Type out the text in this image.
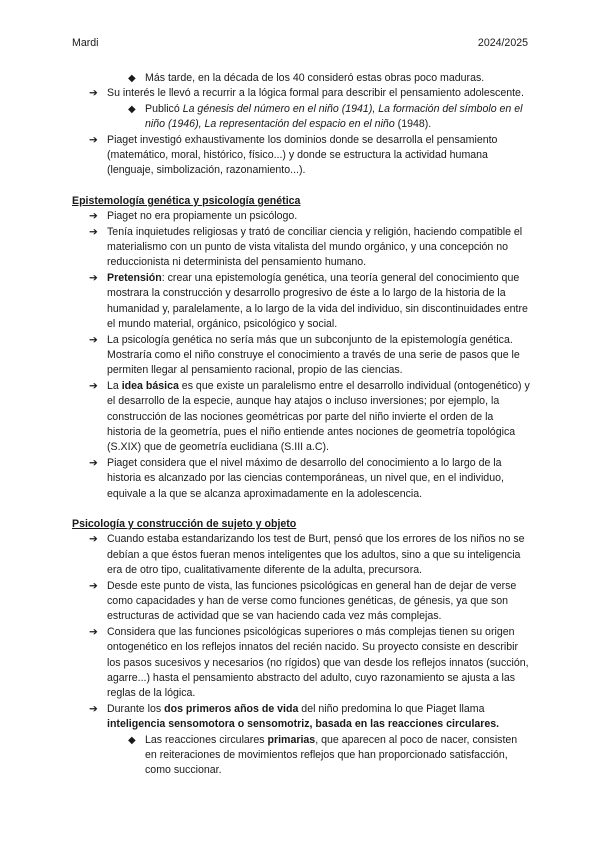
Mardi	2024/2025
◆ Más tarde, en la década de los 40 consideró estas obras poco maduras.
➔ Su interés le llevó a recurrir a la lógica formal para describir el pensamiento adolescente.
◆ Publicó La génesis del número en el niño (1941), La formación del símbolo en el niño (1946), La representación del espacio en el niño (1948).
➔ Piaget investigó exhaustivamente los dominios donde se desarrolla el pensamiento (matemático, moral, histórico, físico...) y donde se estructura la actividad humana (lenguaje, simbolización, razonamiento...).
Epistemología genética y psicología genética
➔ Piaget no era propiamente un psicólogo.
➔ Tenía inquietudes religiosas y trató de conciliar ciencia y religión, haciendo compatible el materialismo con un punto de vista vitalista del mundo orgánico, y una concepción no reduccionista ni determinista del pensamiento humano.
➔ Pretensión: crear una epistemología genética, una teoría general del conocimiento que mostrara la construcción y desarrollo progresivo de éste a lo largo de la historia de la humanidad y, paralelamente, a lo largo de la vida del individuo, sin discontinuidades entre el mundo material, orgánico, psicológico y social.
➔ La psicología genética no sería más que un subconjunto de la epistemología genética. Mostraría como el niño construye el conocimiento a través de una serie de pasos que le permiten llegar al pensamiento racional, propio de las ciencias.
➔ La idea básica es que existe un paralelismo entre el desarrollo individual (ontogenético) y el desarrollo de la especie, aunque hay atajos o incluso inversiones; por ejemplo, la construcción de las nociones geométricas por parte del niño invierte el orden de la historia de la geometría, pues el niño entiende antes nociones de geometría topológica (S.XIX) que de geometría euclidiana (S.III a.C).
➔ Piaget considera que el nivel máximo de desarrollo del conocimiento a lo largo de la historia es alcanzado por las ciencias contemporáneas, un nivel que, en el individuo, equivale a la que se alcanza aproximadamente en la adolescencia.
Psicología y construcción de sujeto y objeto
➔ Cuando estaba estandarizando los test de Burt, pensó que los errores de los niños no se debían a que éstos fueran menos inteligentes que los adultos, sino a que su inteligencia era de otro tipo, cualitativamente diferente de la adulta, precursora.
➔ Desde este punto de vista, las funciones psicológicas en general han de dejar de verse como capacidades y han de verse como funciones genéticas, de génesis, ya que son estructuras de actividad que se van haciendo cada vez más complejas.
➔ Considera que las funciones psicológicas superiores o más complejas tienen su origen ontogenético en los reflejos innatos del recién nacido. Su proyecto consiste en describir los pasos sucesivos y necesarios (no rígidos) que van desde los reflejos innatos (succión, agarre...) hasta el pensamiento abstracto del adulto, cuyo razonamiento se ajusta a las reglas de la lógica.
➔ Durante los dos primeros años de vida del niño predomina lo que Piaget llama inteligencia sensomotora o sensomotriz, basada en las reacciones circulares.
◆ Las reacciones circulares primarias, que aparecen al poco de nacer, consisten en reiteraciones de movimientos reflejos que han proporcionado satisfacción, como succionar.
